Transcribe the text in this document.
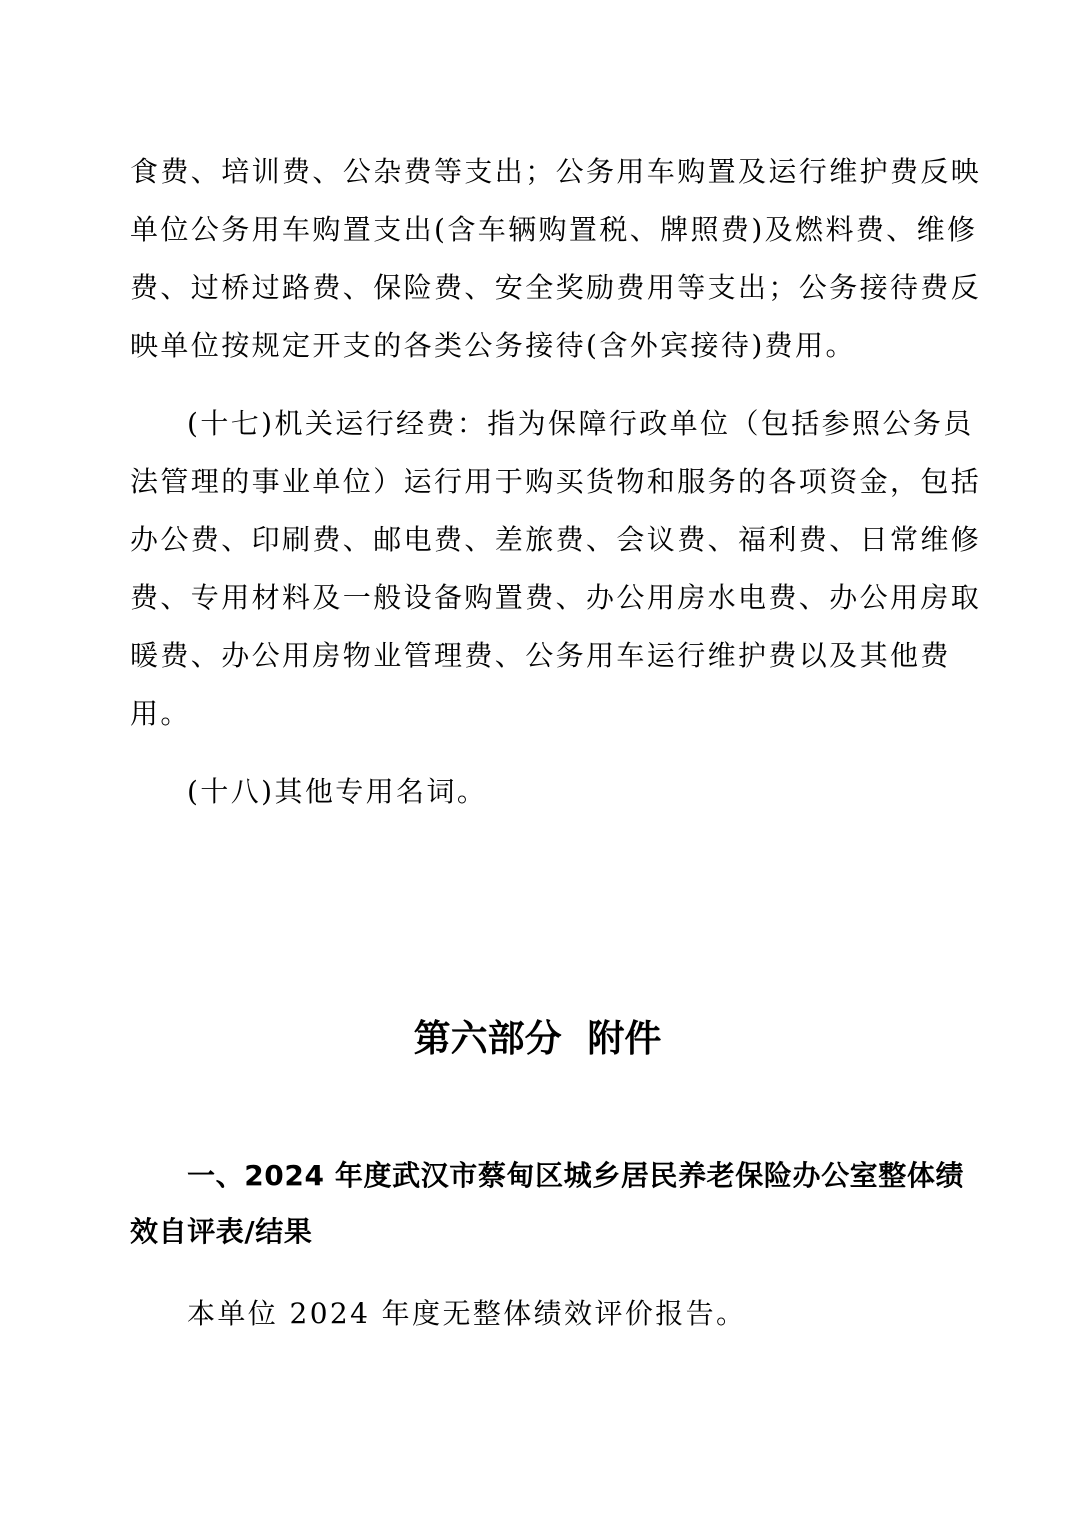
食费、培训费、公杂费等支出；公务用车购置及运行维护费反映
单位公务用车购置支出(含车辆购置税、牌照费)及燃料费、维修
费、过桥过路费、保险费、安全奖励费用等支出；公务接待费反
映单位按规定开支的各类公务接待(含外宾接待)费用。
(十七)机关运行经费：指为保障行政单位（包括参照公务员
法管理的事业单位）运行用于购买货物和服务的各项资金，包括
办公费、印刷费、邮电费、差旅费、会议费、福利费、日常维修
费、专用材料及一般设备购置费、办公用房水电费、办公用房取
暖费、办公用房物业管理费、公务用车运行维护费以及其他费
用。
(十八)其他专用名词。
第六部分  附件
一、2024 年度武汉市蔡甸区城乡居民养老保险办公室整体绩
效自评表/结果
本单位 2024 年度无整体绩效评价报告。
